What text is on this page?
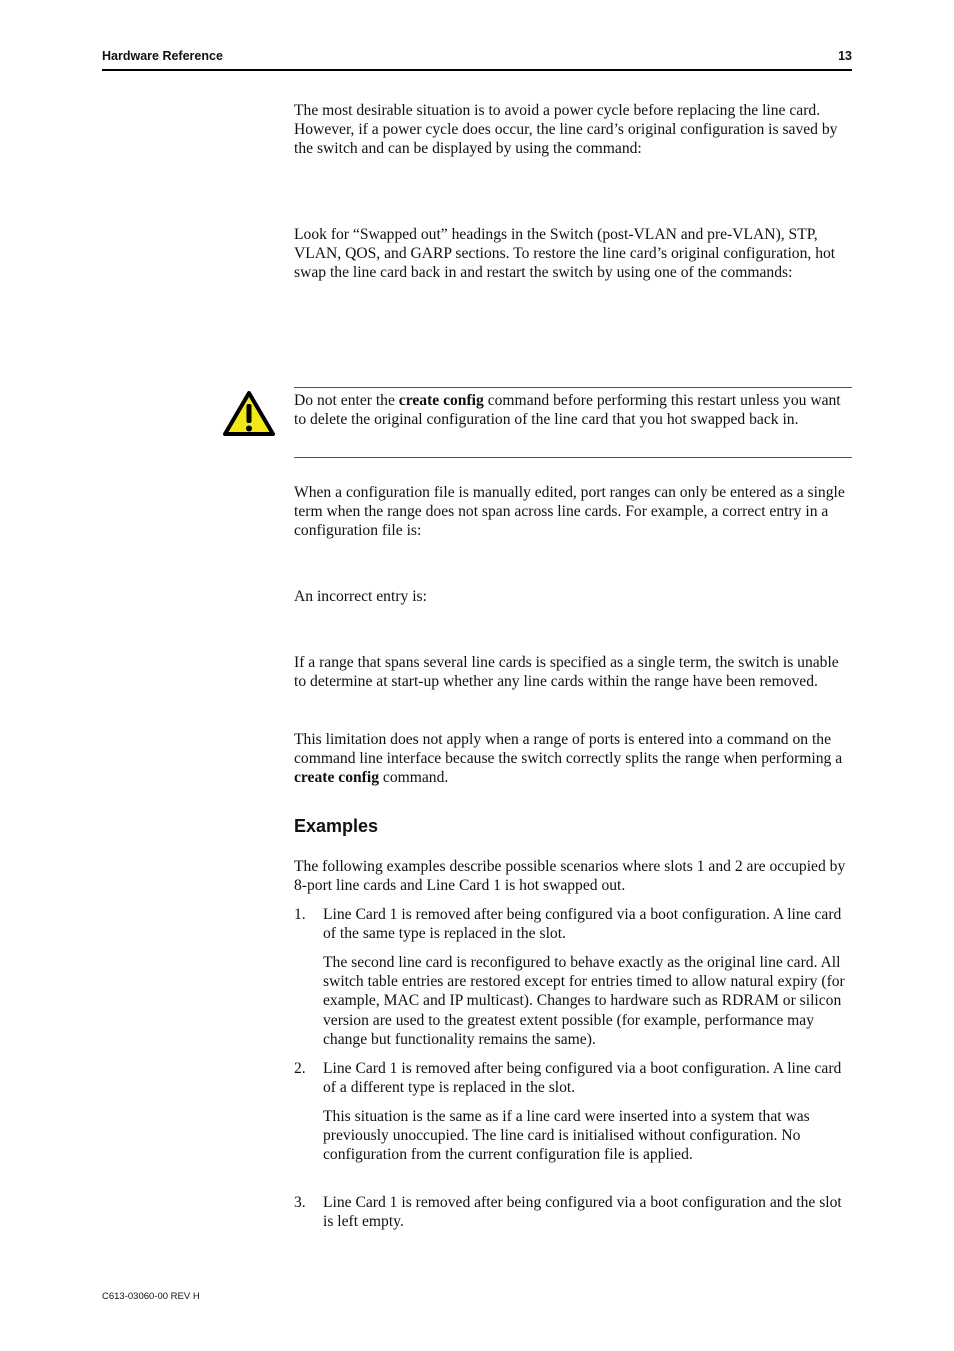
Hardware Reference	13

The most desirable situation is to avoid a power cycle before replacing the line card. However, if a power cycle does occur, the line card’s original configuration is saved by the switch and can be displayed by using the command:

Look for “Swapped out” headings in the Switch (post-VLAN and pre-VLAN), STP, VLAN, QOS, and GARP sections. To restore the line card’s original configuration, hot swap the line card back in and restart the switch by using one of the commands:

Do not enter the create config command before performing this restart unless you want to delete the original configuration of the line card that you hot swapped back in.

When a configuration file is manually edited, port ranges can only be entered as a single term when the range does not span across line cards. For example, a correct entry in a configuration file is:

An incorrect entry is:

If a range that spans several line cards is specified as a single term, the switch is unable to determine at start-up whether any line cards within the range have been removed.

This limitation does not apply when a range of ports is entered into a command on the command line interface because the switch correctly splits the range when performing a create config command.

Examples

The following examples describe possible scenarios where slots 1 and 2 are occupied by 8-port line cards and Line Card 1 is hot swapped out.

1. Line Card 1 is removed after being configured via a boot configuration. A line card of the same type is replaced in the slot.

The second line card is reconfigured to behave exactly as the original line card. All switch table entries are restored except for entries timed to allow natural expiry (for example, MAC and IP multicast). Changes to hardware such as RDRAM or silicon version are used to the greatest extent possible (for example, performance may change but functionality remains the same).

2. Line Card 1 is removed after being configured via a boot configuration. A line card of a different type is replaced in the slot.

This situation is the same as if a line card were inserted into a system that was previously unoccupied. The line card is initialised without configuration. No configuration from the current configuration file is applied.

3. Line Card 1 is removed after being configured via a boot configuration and the slot is left empty.

C613-03060-00 REV H
